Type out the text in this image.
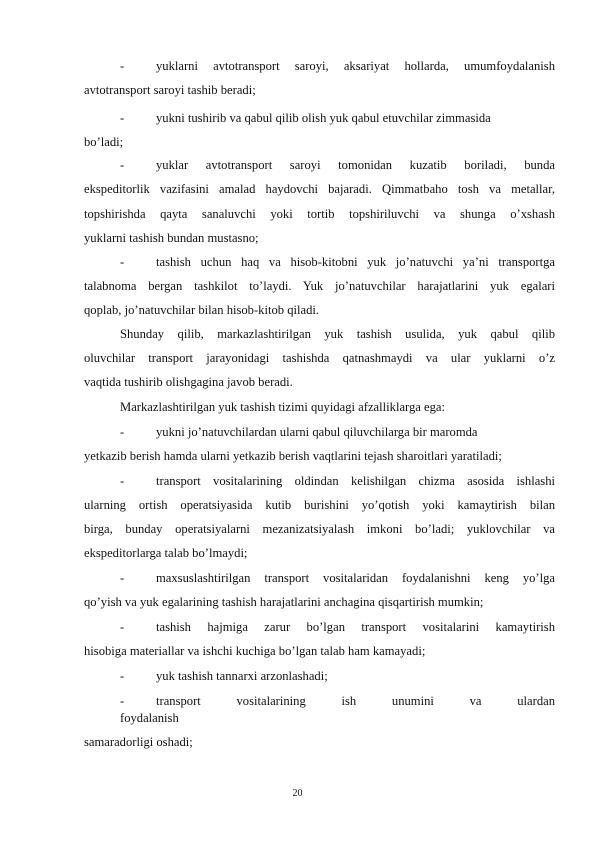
-	yuklarni avtotransport saroyi, aksariyat hollarda, umumfoydalanish

avtotransport saroyi tashib beradi;

-	yukni tushirib va qabul qilib olish yuk qabul etuvchilar zimmasida

bo’ladi;

-	yuklar avtotransport saroyi tomonidan kuzatib boriladi, bunda

ekspeditorlik vazifasini amalad haydovchi bajaradi. Qimmatbaho tosh va metallar,

topshirishda qayta sanaluvchi yoki tortib topshiriluvchi va shunga o’xshash

yuklarni tashish bundan mustasno;

-	tashish uchun haq va hisob-kitobni yuk jo’natuvchi ya’ni transportga

talabnoma bergan tashkilot to’laydi. Yuk jo’natuvchilar harajatlarini yuk egalari

qoplab, jo’natuvchilar bilan hisob-kitob qiladi.

Shunday qilib, markazlashtirilgan yuk tashish usulida, yuk qabul qilib

oluvchilar transport jarayonidagi tashishda qatnashmaydi va ular yuklarni o’z

vaqtida tushirib olishgagina javob beradi.

Markazlashtirilgan yuk tashish tizimi quyidagi afzalliklarga ega:

-	yukni jo’natuvchilardan ularni qabul qiluvchilarga bir maromda

yetkazib berish hamda ularni yetkazib berish vaqtlarini tejash sharoitlari yaratiladi;

-	transport vositalarining oldindan kelishilgan chizma asosida ishlashi

ularning ortish operatsiyasida kutib burishini yo’qotish yoki kamaytirish bilan

birga, bunday operatsiyalarni mezanizatsiyalash imkoni bo’ladi; yuklovchilar va

ekspeditorlarga talab bo’lmaydi;

-	maxsuslashtirilgan transport vositalaridan foydalanishni keng yo’lga

qo’yish va yuk egalarining tashish harajatlarini anchagina qisqartirish mumkin;

-	tashish hajmiga zarur bo’lgan transport vositalarini kamaytirish

hisobiga materiallar va ishchi kuchiga bo’lgan talab ham kamayadi;

-	yuk tashish tannarxi arzonlashadi;

-	transport vositalarining ish unumini va ulardan

foydalanish

samaradorligi oshadi;

20
